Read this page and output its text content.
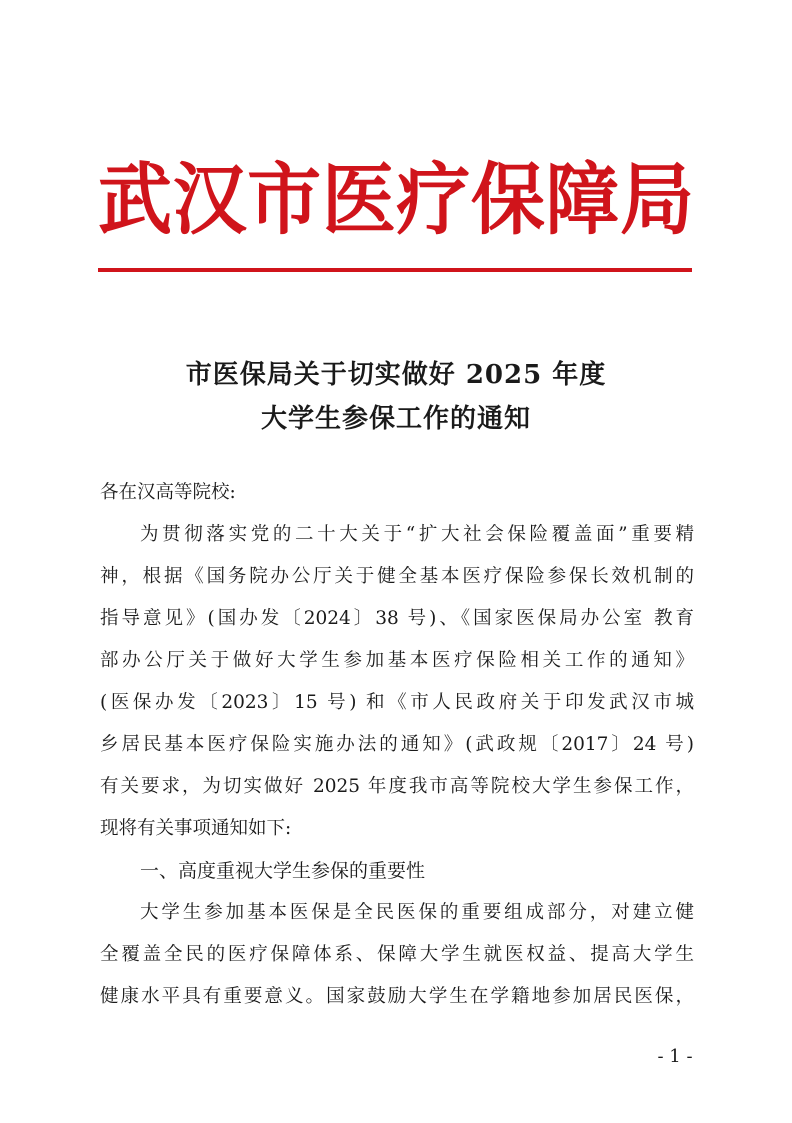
武 汉 市 医 疗 保 障 局
市医保局关于切实做好 2025 年度
大学生参保工作的通知
各在汉高等院校:
为贯彻落实党的二十大关于“扩大社会保险覆盖面”重要精
神，根据《国务院办公厅关于健全基本医疗保险参保长效机制的
指导意见》(国办发〔2024〕38 号)、《国家医保局办公室 教育
部办公厅关于做好大学生参加基本医疗保险相关工作的通知》
(医保办发〔2023〕15 号) 和《市人民政府关于印发武汉市城
乡居民基本医疗保险实施办法的通知》(武政规〔2017〕24 号)
有关要求，为切实做好 2025 年度我市高等院校大学生参保工作，
现将有关事项通知如下:
一、高度重视大学生参保的重要性
大学生参加基本医保是全民医保的重要组成部分，对建立健
全覆盖全民的医疗保障体系、保障大学生就医权益、提高大学生
健康水平具有重要意义。国家鼓励大学生在学籍地参加居民医保，
- 1 -
